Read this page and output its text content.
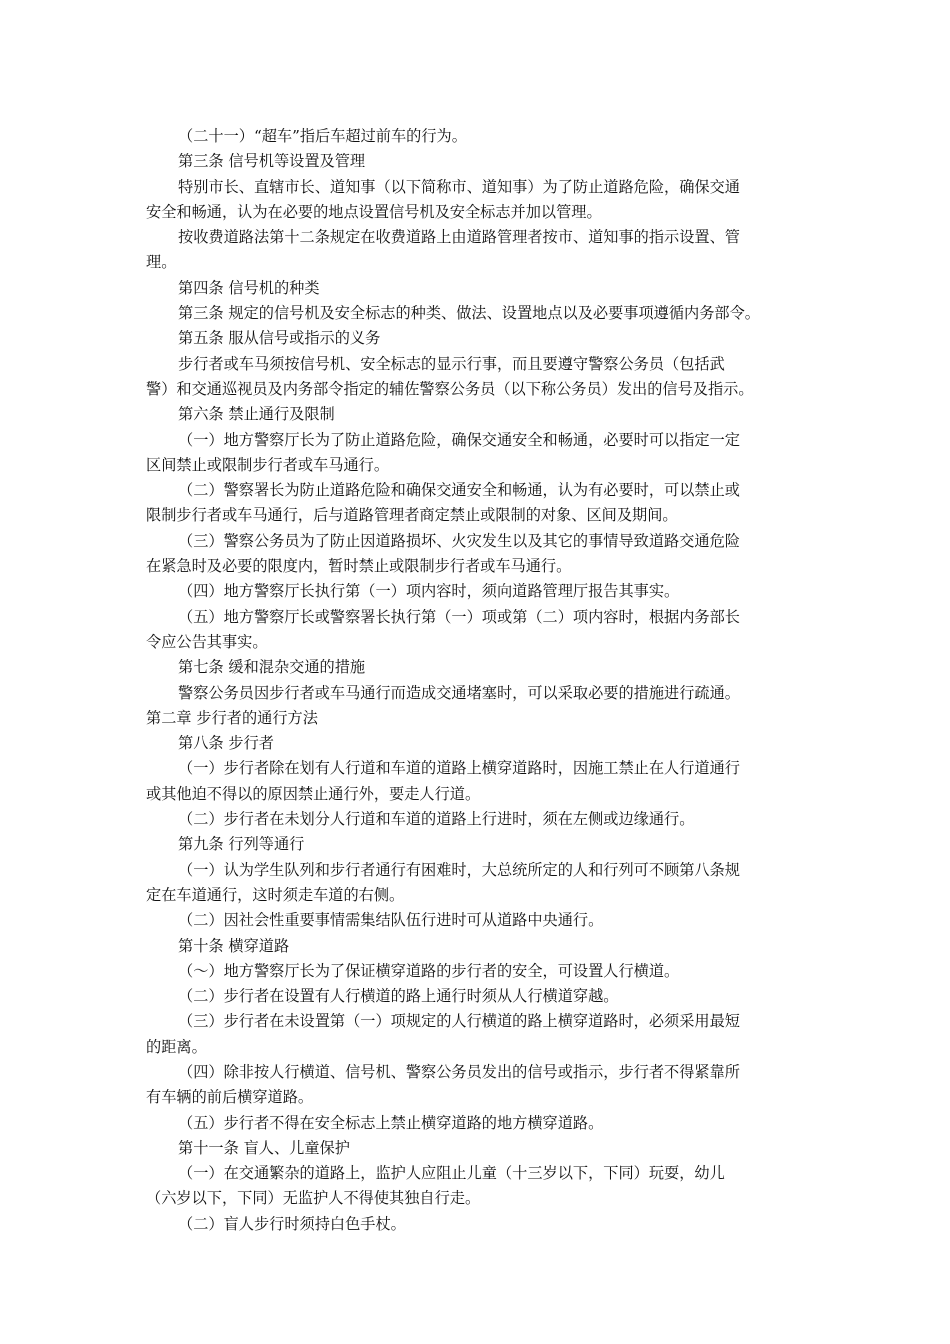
（二十一）“超车”指后车超过前车的行为。
第三条 信号机等设置及管理
特别市长、直辖市长、道知事（以下简称市、道知事）为了防止道路危险，确保交通
安全和畅通，认为在必要的地点设置信号机及安全标志并加以管理。
按收费道路法第十二条规定在收费道路上由道路管理者按市、道知事的指示设置、管
理。
第四条 信号机的种类
第三条 规定的信号机及安全标志的种类、做法、设置地点以及必要事项遵循内务部令。
第五条 服从信号或指示的义务
步行者或车马须按信号机、安全标志的显示行事，而且要遵守警察公务员（包括武
警）和交通巡视员及内务部令指定的辅佐警察公务员（以下称公务员）发出的信号及指示。
第六条 禁止通行及限制
（一）地方警察厅长为了防止道路危险，确保交通安全和畅通，必要时可以指定一定
区间禁止或限制步行者或车马通行。
（二）警察署长为防止道路危险和确保交通安全和畅通，认为有必要时，可以禁止或
限制步行者或车马通行，后与道路管理者商定禁止或限制的对象、区间及期间。
（三）警察公务员为了防止因道路损坏、火灾发生以及其它的事情导致道路交通危险
在紧急时及必要的限度内，暂时禁止或限制步行者或车马通行。
（四）地方警察厅长执行第（一）项内容时，须向道路管理厅报告其事实。
（五）地方警察厅长或警察署长执行第（一）项或第（二）项内容时，根据内务部长
令应公告其事实。
第七条 缓和混杂交通的措施
警察公务员因步行者或车马通行而造成交通堵塞时，可以采取必要的措施进行疏通。
第二章 步行者的通行方法
第八条 步行者
（一）步行者除在划有人行道和车道的道路上横穿道路时，因施工禁止在人行道通行
或其他迫不得以的原因禁止通行外，要走人行道。
（二）步行者在未划分人行道和车道的道路上行进时，须在左侧或边缘通行。
第九条 行列等通行
（一）认为学生队列和步行者通行有困难时，大总统所定的人和行列可不顾第八条规
定在车道通行，这时须走车道的右侧。
（二）因社会性重要事情需集结队伍行进时可从道路中央通行。
第十条 横穿道路
（～）地方警察厅长为了保证横穿道路的步行者的安全，可设置人行横道。
（二）步行者在设置有人行横道的路上通行时须从人行横道穿越。
（三）步行者在未设置第（一）项规定的人行横道的路上横穿道路时，必须采用最短
的距离。
（四）除非按人行横道、信号机、警察公务员发出的信号或指示，步行者不得紧靠所
有车辆的前后横穿道路。
（五）步行者不得在安全标志上禁止横穿道路的地方横穿道路。
第十一条 盲人、儿童保护
（一）在交通繁杂的道路上，监护人应阻止儿童（十三岁以下，下同）玩耍，幼儿
（六岁以下，下同）无监护人不得使其独自行走。
（二）盲人步行时须持白色手杖。
